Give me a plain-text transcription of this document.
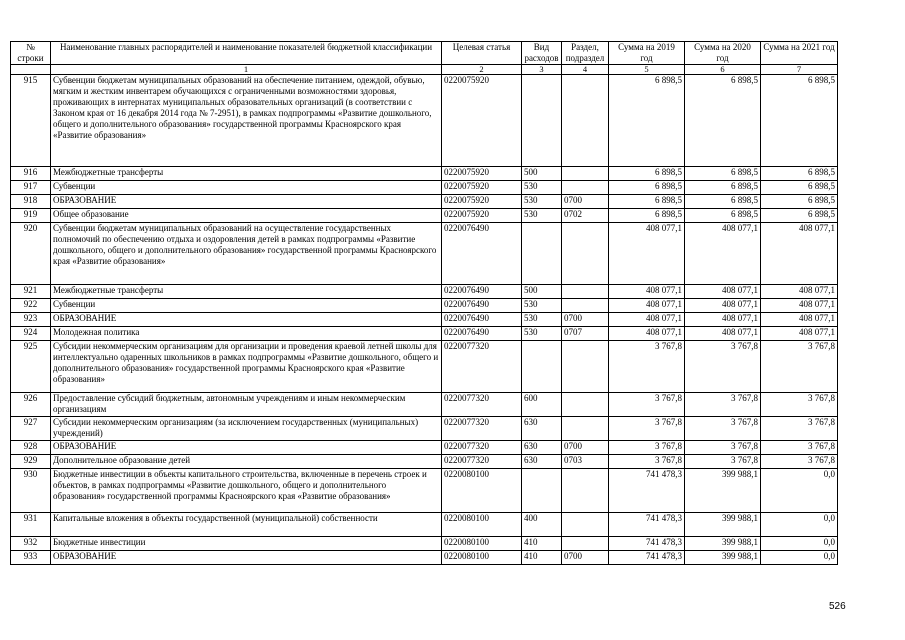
№ строки	Наименование главных распорядителей и наименование показателей бюджетной классификации	Целевая статья	Вид расходов	Раздел, подраздел	Сумма на 2019 год	Сумма на 2020 год	Сумма на 2021 год
	1	2	3	4	5	6	7
915	Субвенции бюджетам муниципальных образований на обеспечение питанием, одеждой, обувью, мягким и жестким инвентарем обучающихся с ограниченными возможностями здоровья, проживающих в интернатах муниципальных образовательных организаций (в соответствии с Законом края от 16 декабря 2014 года № 7-2951), в рамках подпрограммы «Развитие дошкольного, общего и дополнительного образования» государственной программы Красноярского края «Развитие образования»	0220075920			6 898,5	6 898,5	6 898,5
916	Межбюджетные трансферты	0220075920	500		6 898,5	6 898,5	6 898,5
917	Субвенции	0220075920	530		6 898,5	6 898,5	6 898,5
918	ОБРАЗОВАНИЕ	0220075920	530	0700	6 898,5	6 898,5	6 898,5
919	Общее образование	0220075920	530	0702	6 898,5	6 898,5	6 898,5
920	Субвенции бюджетам муниципальных образований на осуществление государственных полномочий по обеспечению отдыха и оздоровления детей в рамках подпрограммы «Развитие дошкольного, общего и дополнительного образования» государственной программы Красноярского края «Развитие образования»	0220076490			408 077,1	408 077,1	408 077,1
921	Межбюджетные трансферты	0220076490	500		408 077,1	408 077,1	408 077,1
922	Субвенции	0220076490	530		408 077,1	408 077,1	408 077,1
923	ОБРАЗОВАНИЕ	0220076490	530	0700	408 077,1	408 077,1	408 077,1
924	Молодежная политика	0220076490	530	0707	408 077,1	408 077,1	408 077,1
925	Субсидии некоммерческим организациям для организации и проведения краевой летней школы для интеллектуально одаренных школьников в рамках подпрограммы «Развитие дошкольного, общего и дополнительного образования» государственной программы Красноярского края «Развитие образования»	0220077320			3 767,8	3 767,8	3 767,8
926	Предоставление субсидий бюджетным, автономным учреждениям и иным некоммерческим организациям	0220077320	600		3 767,8	3 767,8	3 767,8
927	Субсидии некоммерческим организациям (за исключением государственных (муниципальных) учреждений)	0220077320	630		3 767,8	3 767,8	3 767,8
928	ОБРАЗОВАНИЕ	0220077320	630	0700	3 767,8	3 767,8	3 767,8
929	Дополнительное образование детей	0220077320	630	0703	3 767,8	3 767,8	3 767,8
930	Бюджетные инвестиции в объекты капитального строительства, включенные в перечень строек и объектов, в рамках подпрограммы «Развитие дошкольного, общего и дополнительного образования» государственной программы Красноярского края «Развитие образования»	0220080100			741 478,3	399 988,1	0,0
931	Капитальные вложения в объекты государственной (муниципальной) собственности	0220080100	400		741 478,3	399 988,1	0,0
932	Бюджетные инвестиции	0220080100	410		741 478,3	399 988,1	0,0
933	ОБРАЗОВАНИЕ	0220080100	410	0700	741 478,3	399 988,1	0,0
526
